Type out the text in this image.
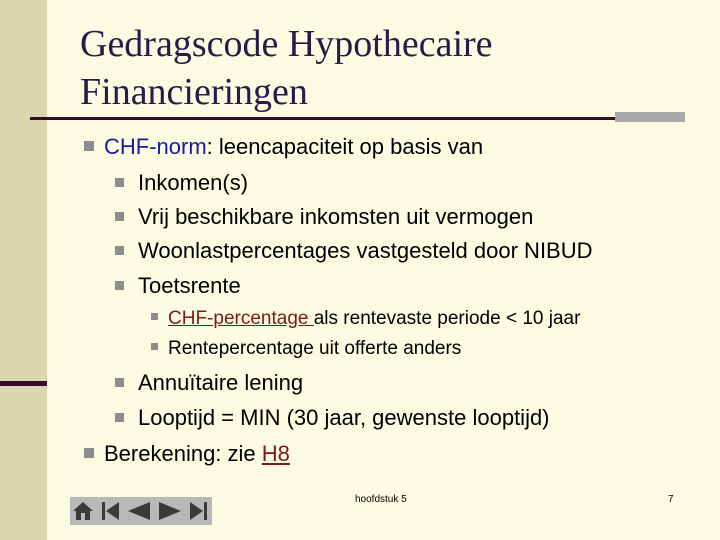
Gedragscode Hypothecaire
Financieringen
CHF-norm: leencapaciteit op basis van
Inkomen(s)
Vrij beschikbare inkomsten uit vermogen
Woonlastpercentages vastgesteld door NIBUD
Toetsrente
CHF-percentage als rentevaste periode < 10 jaar
Rentepercentage uit offerte anders
Annuïtaire lening
Looptijd = MIN (30 jaar, gewenste looptijd)
Berekening: zie H8
hoofdstuk 5	7
